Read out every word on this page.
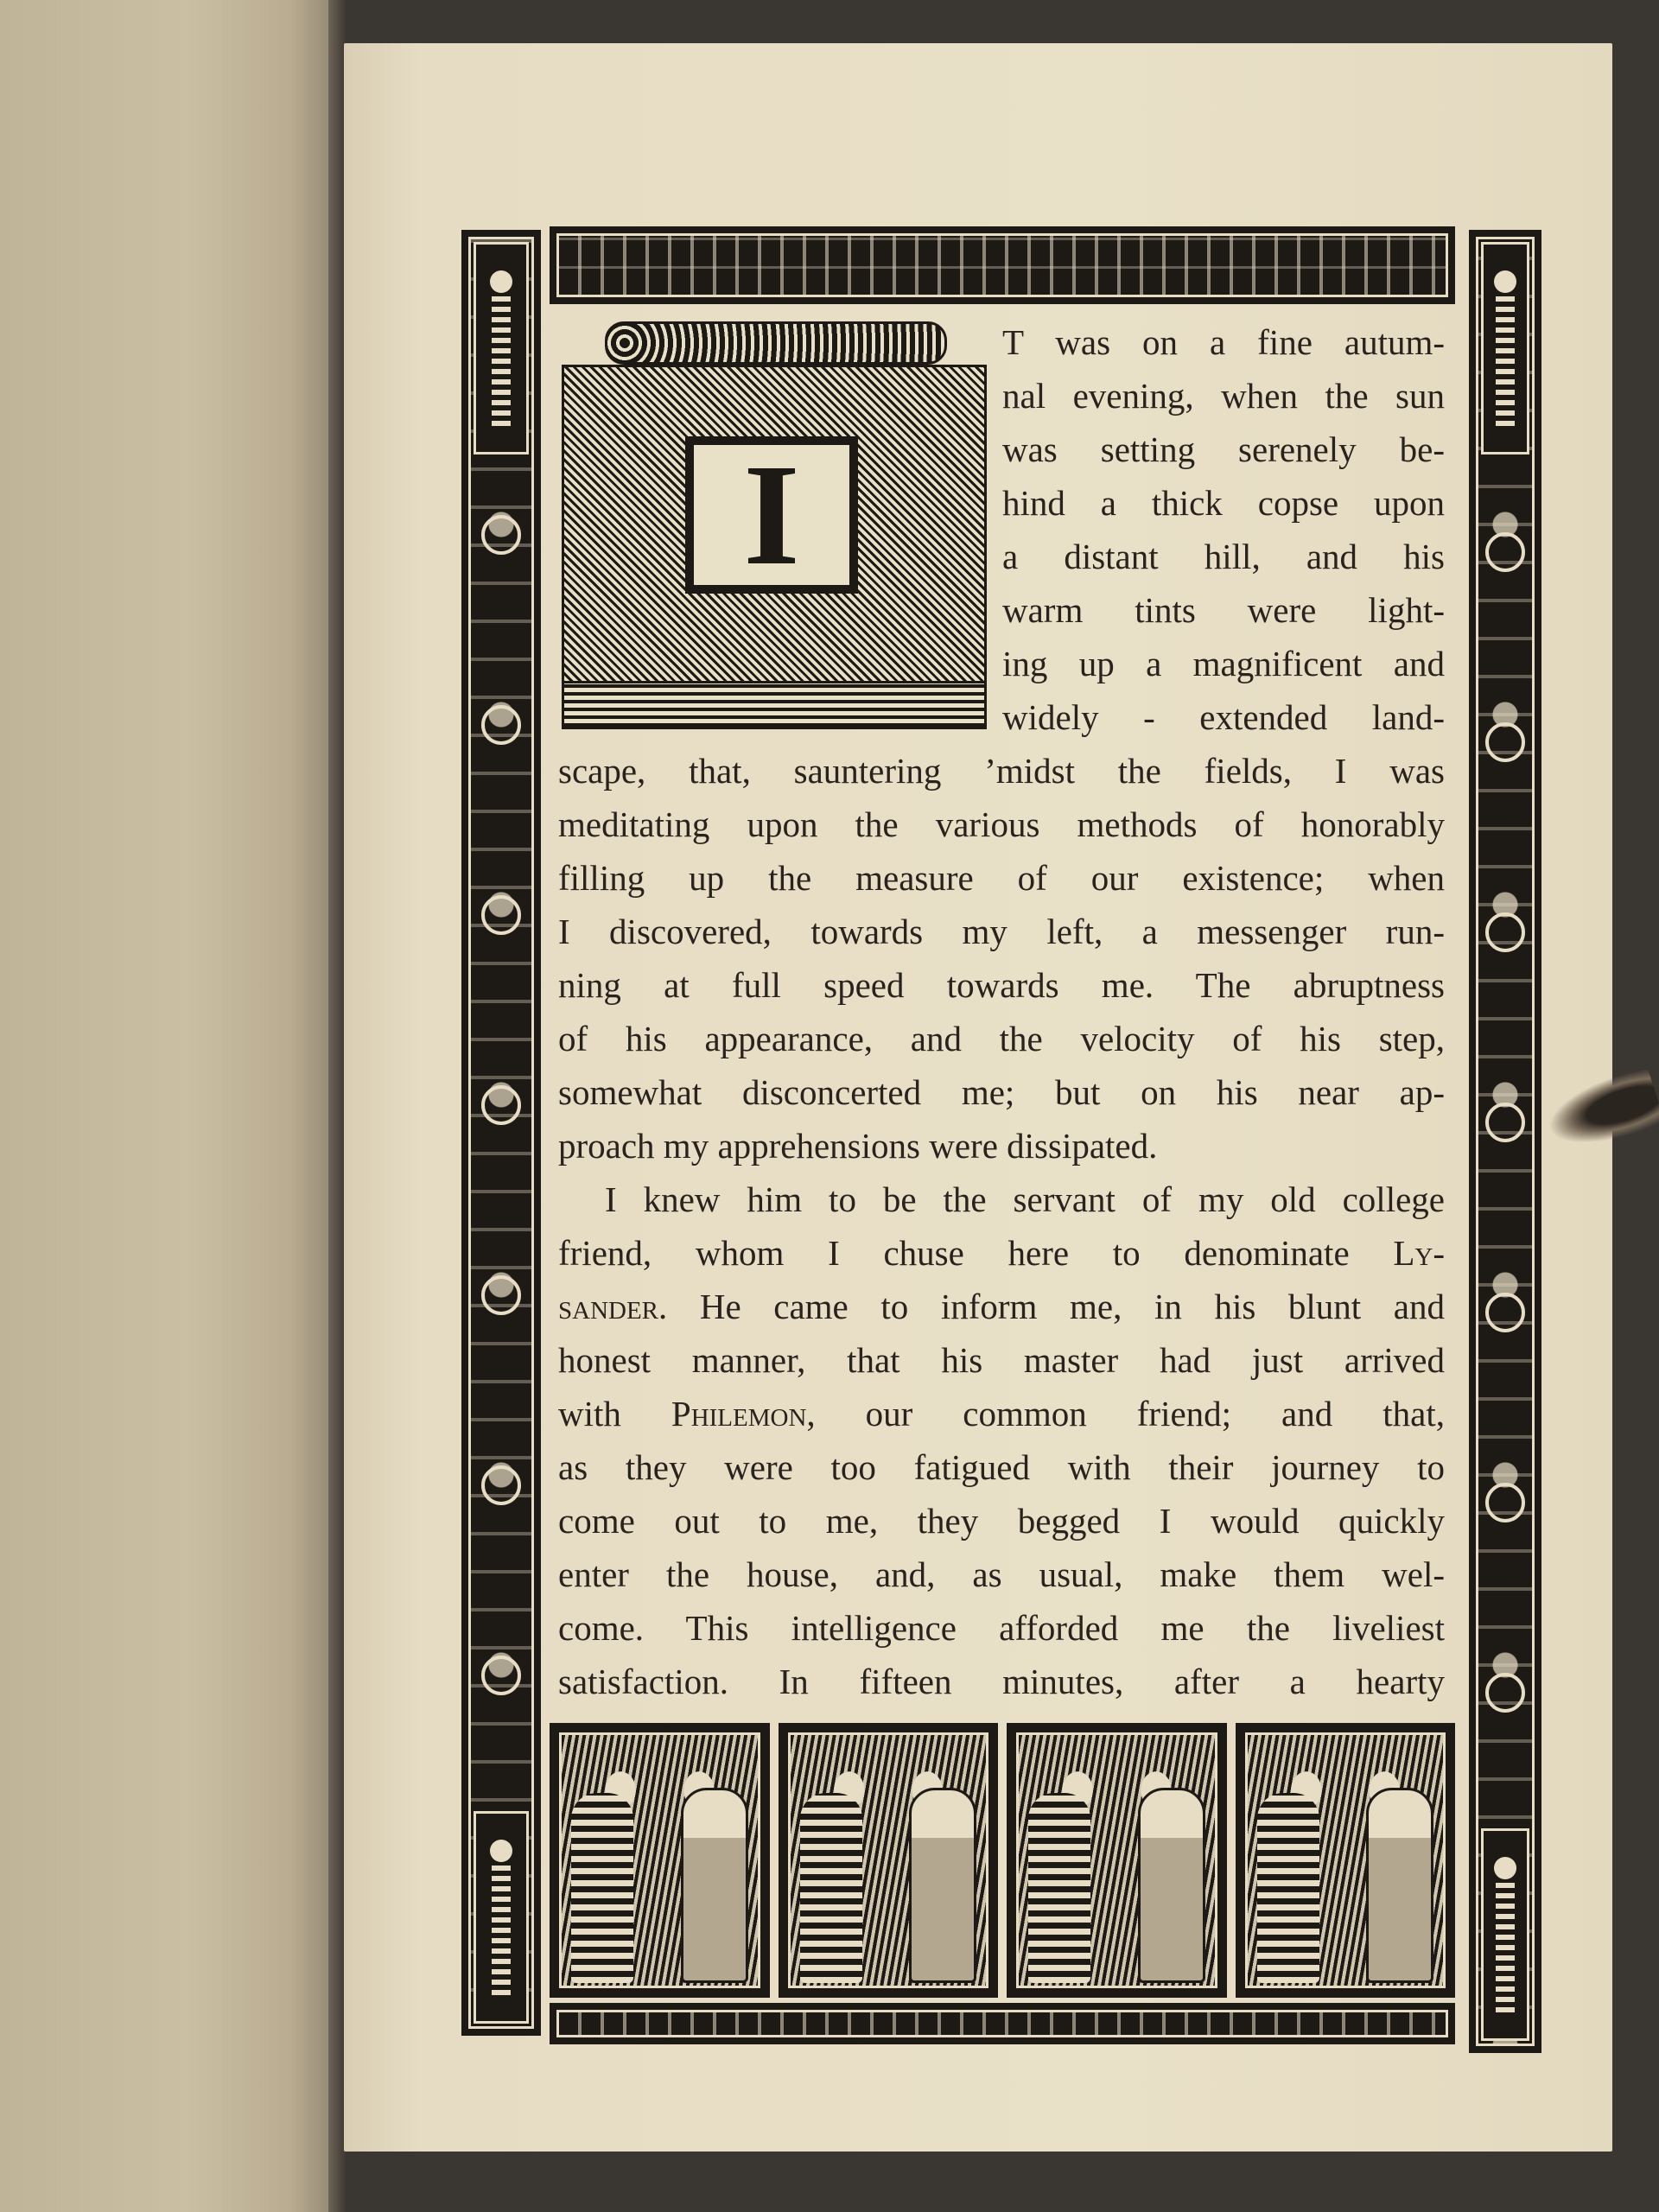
I
T was on a fine autum-
nal evening, when the sun
was setting serenely be-
hind a thick copse upon
a distant hill, and his
warm tints were light-
ing up a magnificent and
widely - extended land-
scape, that, sauntering ’midst the fields, I was
meditating upon the various methods of honorably
filling up the measure of our existence; when
I discovered, towards my left, a messenger run-
ning at full speed towards me. The abruptness
of his appearance, and the velocity of his step,
somewhat disconcerted me; but on his near ap-
proach my apprehensions were dissipated.
I knew him to be the servant of my old college
friend, whom I chuse here to denominate Ly-
sander. He came to inform me, in his blunt and
honest manner, that his master had just arrived
with Philemon, our common friend; and that,
as they were too fatigued with their journey to
come out to me, they begged I would quickly
enter the house, and, as usual, make them wel-
come. This intelligence afforded me the liveliest
satisfaction. In fifteen minutes, after a hearty
